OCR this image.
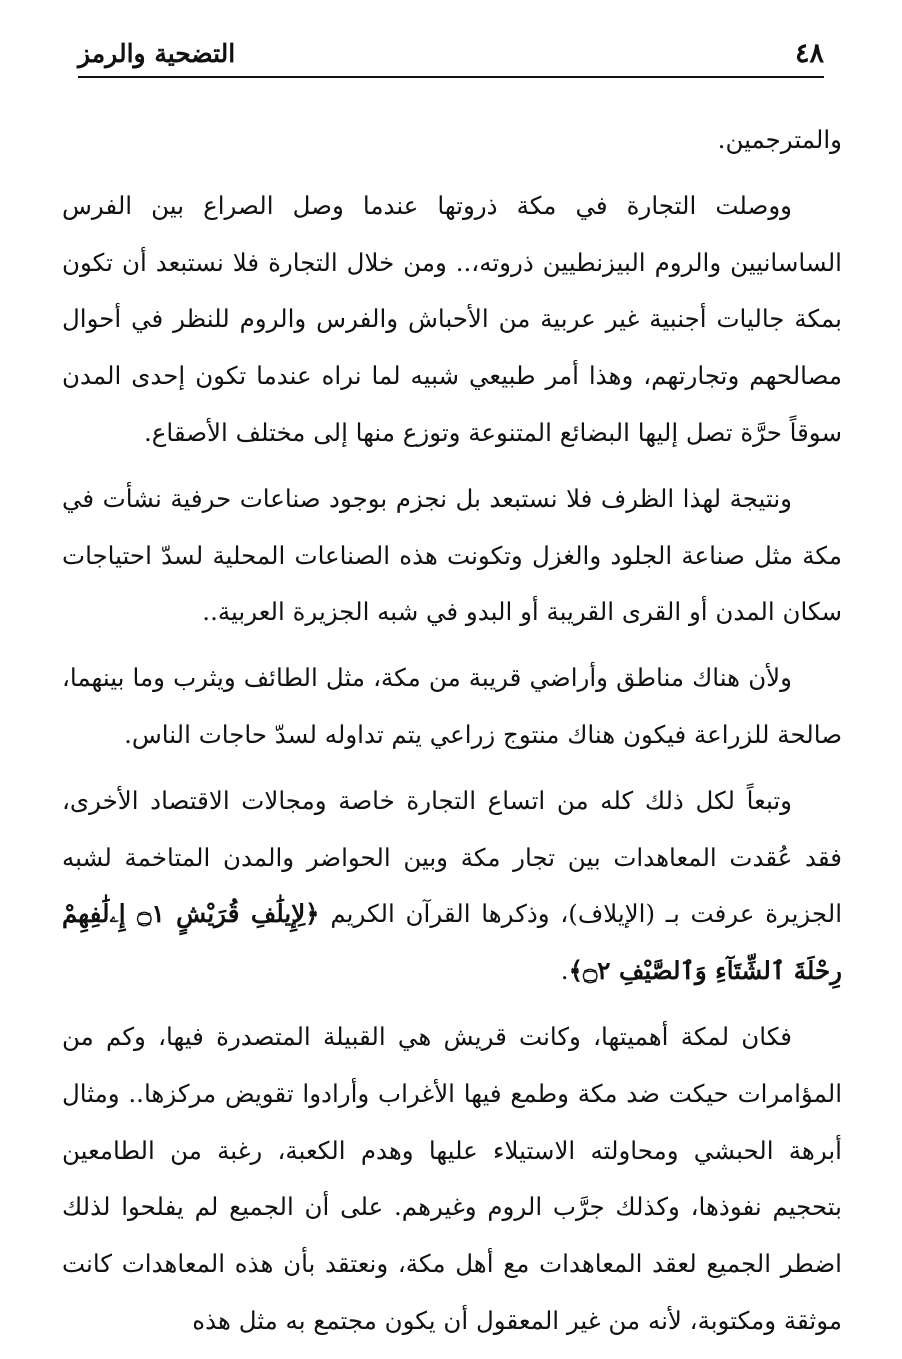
٤٨
التضحية والرمز

والمترجمين.

ووصلت التجارة في مكة ذروتها عندما وصل الصراع بين الفرس الساسانيين والروم البيزنطيين ذروته،.. ومن خلال التجارة فلا نستبعد أن تكون بمكة جاليات أجنبية غير عربية من الأحباش والفرس والروم للنظر في أحوال مصالحهم وتجارتهم، وهذا أمر طبيعي شبيه لما نراه عندما تكون إحدى المدن سوقاً حرَّة تصل إليها البضائع المتنوعة وتوزع منها إلى مختلف الأصقاع.

ونتيجة لهذا الظرف فلا نستبعد بل نجزم بوجود صناعات حرفية نشأت في مكة مثل صناعة الجلود والغزل وتكونت هذه الصناعات المحلية لسدّ احتياجات سكان المدن أو القرى القريبة أو البدو في شبه الجزيرة العربية..

ولأن هناك مناطق وأراضي قريبة من مكة، مثل الطائف ويثرب وما بينهما، صالحة للزراعة فيكون هناك منتوج زراعي يتم تداوله لسدّ حاجات الناس.

وتبعاً لكل ذلك كله من اتساع التجارة خاصة ومجالات الاقتصاد الأخرى، فقد عُقدت المعاهدات بين تجار مكة وبين الحواضر والمدن المتاخمة لشبه الجزيرة عرفت بـ (الإيلاف)، وذكرها القرآن الكريم ﴿لِإِيلَٰفِ قُرَيْشٍ ۝١ إِۦلَٰفِهِمْ رِحْلَةَ ٱلشِّتَآءِ وَٱلصَّيْفِ ۝٢﴾.

فكان لمكة أهميتها، وكانت قريش هي القبيلة المتصدرة فيها، وكم من المؤامرات حيكت ضد مكة وطمع فيها الأغراب وأرادوا تقويض مركزها.. ومثال أبرهة الحبشي ومحاولته الاستيلاء عليها وهدم الكعبة، رغبة من الطامعين بتحجيم نفوذها، وكذلك جرَّب الروم وغيرهم. على أن الجميع لم يفلحوا لذلك اضطر الجميع لعقد المعاهدات مع أهل مكة، ونعتقد بأن هذه المعاهدات كانت موثقة ومكتوبة، لأنه من غير المعقول أن يكون مجتمع به مثل هذه
